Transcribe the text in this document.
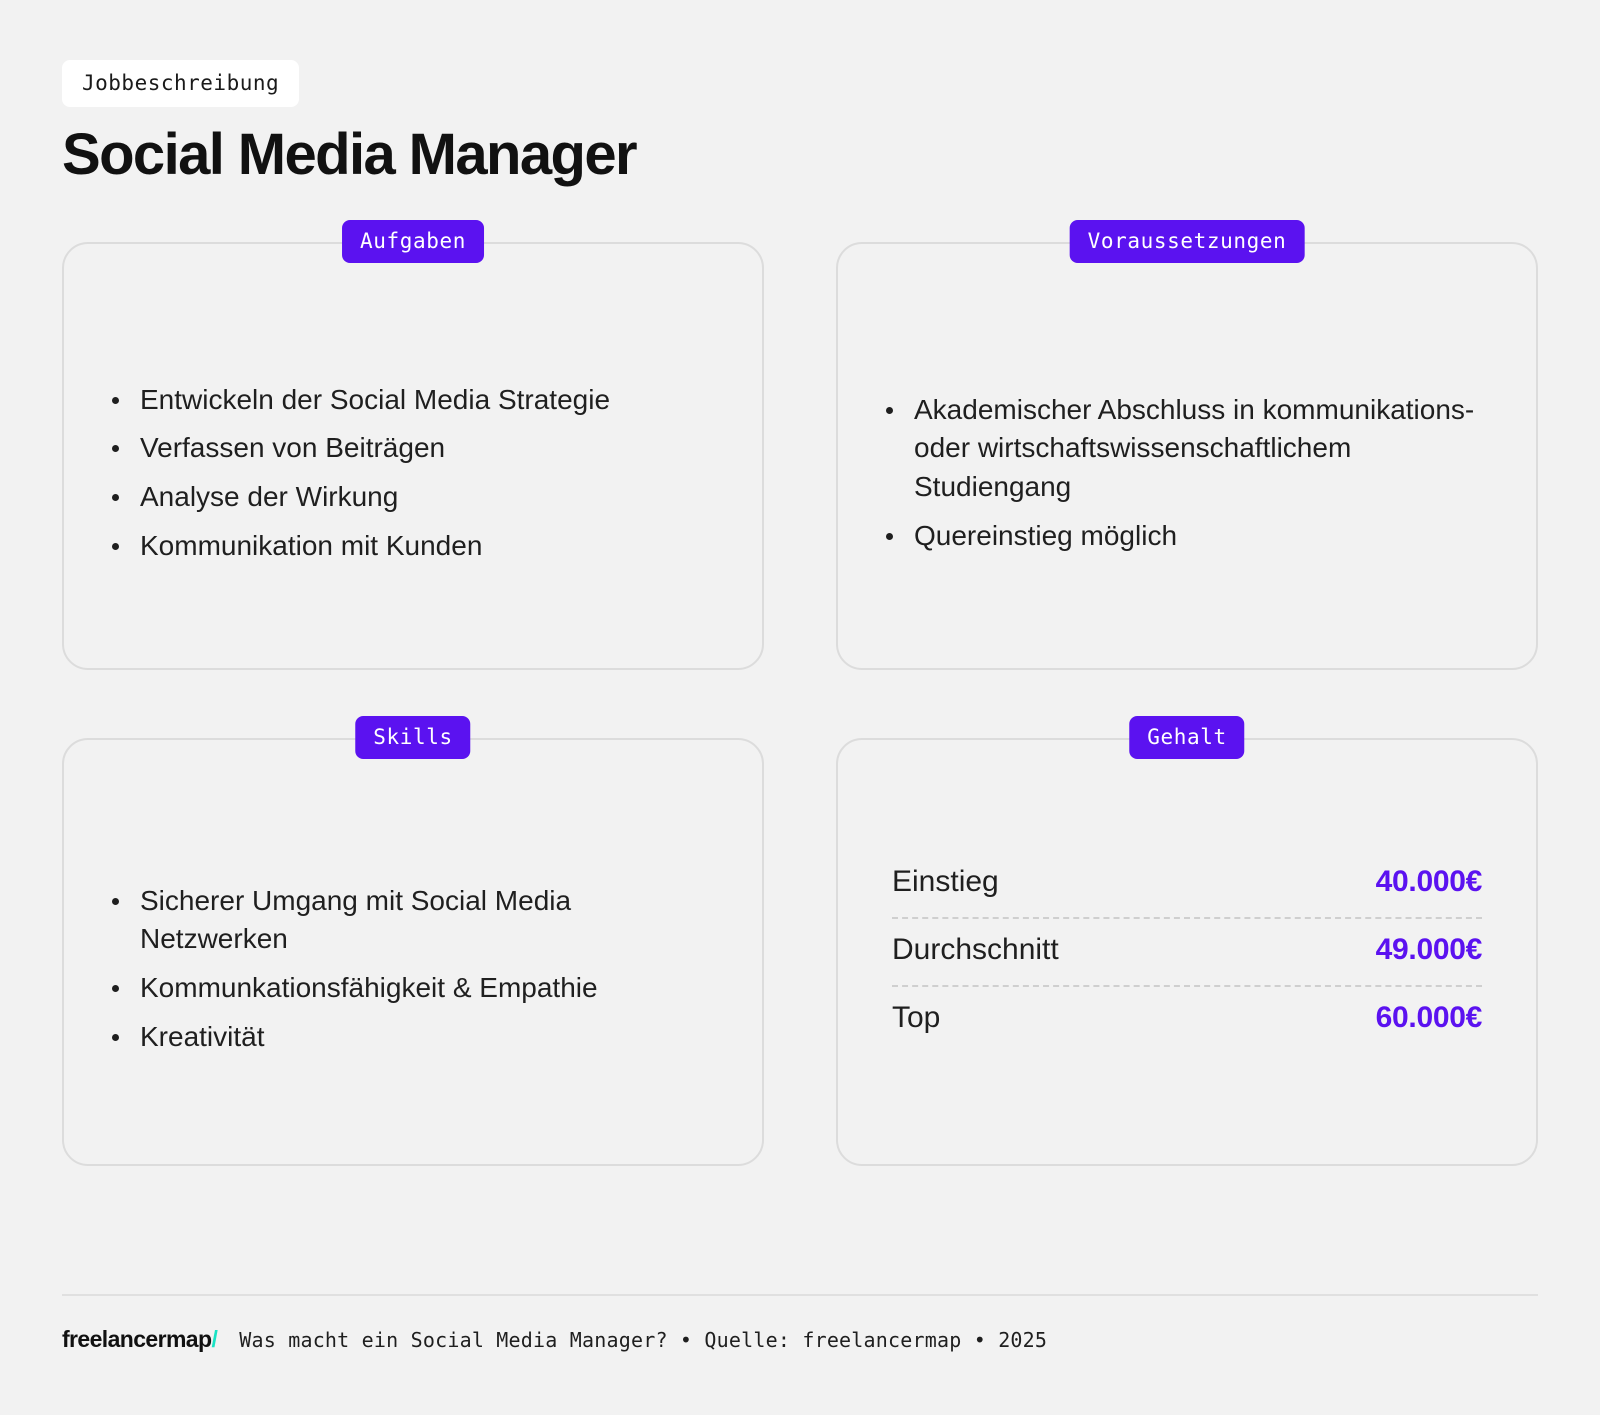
Jobbeschreibung
Social Media Manager
Aufgaben
Entwickeln der Social Media Strategie
Verfassen von Beiträgen
Analyse der Wirkung
Kommunikation mit Kunden
Voraussetzungen
Akademischer Abschluss in kommunikations- oder wirtschaftswissenschaftlichem Studiengang
Quereinstieg möglich
Skills
Sicherer Umgang mit Social Media Netzwerken
Kommunkationsfähigkeit & Empathie
Kreativität
Gehalt
Einstieg	40.000€
Durchschnitt	49.000€
Top	60.000€
freelancermap/ Was macht ein Social Media Manager? • Quelle: freelancermap • 2025
